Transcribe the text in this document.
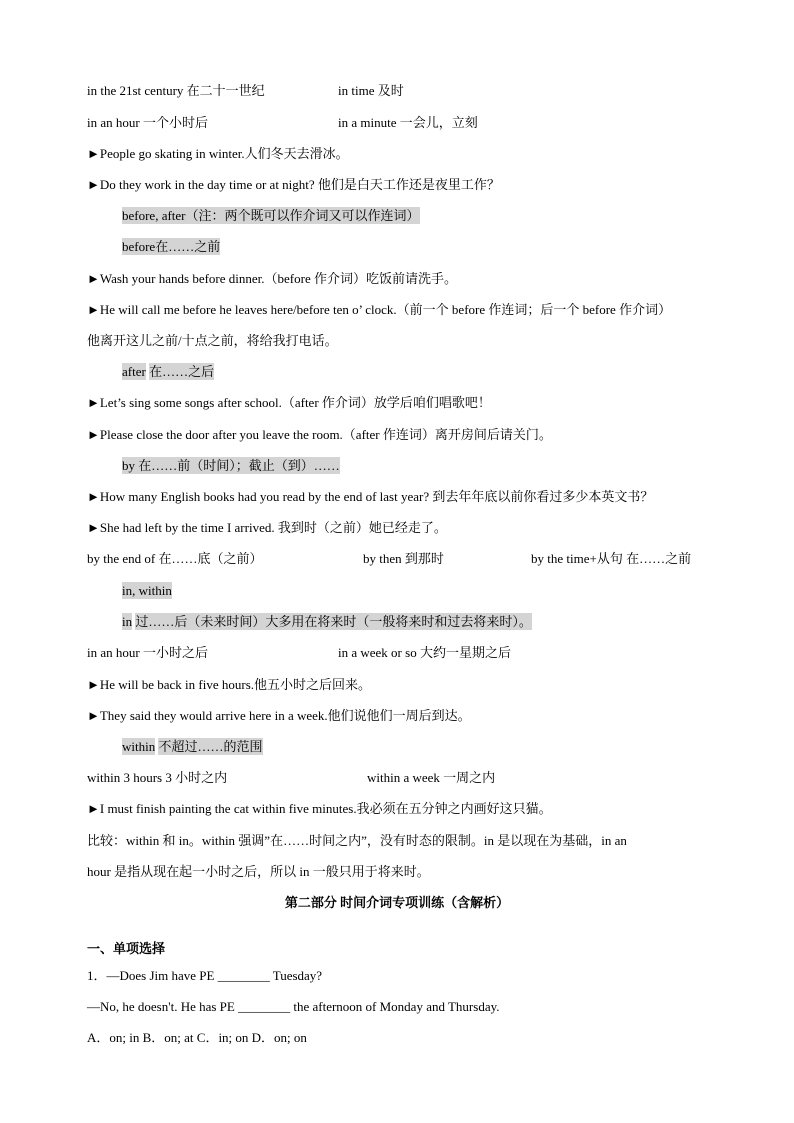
in the 21st century 在二十一世纪	in time 及时
in an hour 一个小时后	in a minute 一会儿，立刻
►People go skating in winter.人们冬天去滑冰。
►Do they work in the day time or at night? 他们是白天工作还是夜里工作？
before, after（注：两个既可以作介词又可以作连词）
before在……之前
►Wash your hands before dinner.（before 作介词）吃饭前请洗手。
►He will call me before he leaves here/before ten o’ clock.（前一个 before 作连词；后一个 before 作介词）
他离开这儿之前/十点之前，将给我打电话。
after 在……之后
►Let’s sing some songs after school.（after 作介词）放学后咱们唱歌吧！
►Please close the door after you leave the room.（after 作连词）离开房间后请关门。
by 在……前（时间）；截止（到）……
►How many English books had you read by the end of last year? 到去年年底以前你看过多少本英文书？
►She had left by the time I arrived. 我到时（之前）她已经走了。
by the end of 在……底（之前）	by then 到那时	by the time+从句 在……之前
in, within
in 过……后（未来时间）大多用在将来时（一般将来时和过去将来时）。
in an hour 一小时之后	in a week or so 大约一星期之后
►He will be back in five hours.他五小时之后回来。
►They said they would arrive here in a week.他们说他们一周后到达。
within 不超过……的范围
within 3 hours 3 小时之内	within a week 一周之内
►I must finish painting the cat within five minutes.我必须在五分钟之内画好这只猫。
比较：within 和 in。within 强调”在……时间之内”，没有时态的限制。in 是以现在为基础，in an
hour 是指从现在起一小时之后，所以 in 一般只用于将来时。
第二部分 时间介词专项训练（含解析）
一、单项选择
1．—Does Jim have PE ________ Tuesday?
—No, he doesn't. He has PE ________ the afternoon of Monday and Thursday.
A．on; in B．on; at C．in; on D．on; on
